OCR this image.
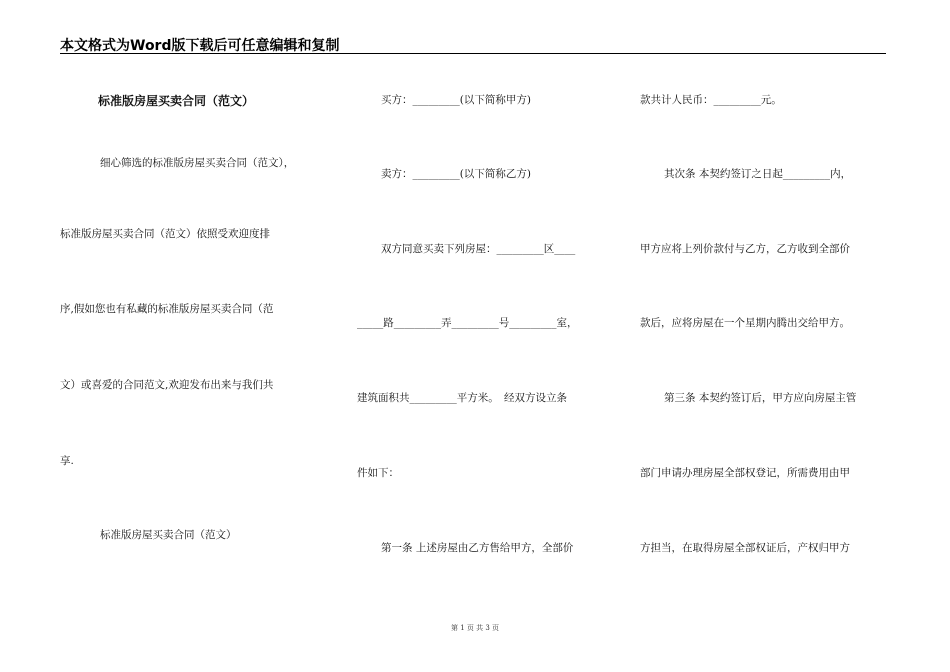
本文格式为Word版下载后可任意编辑和复制
标准版房屋买卖合同（范文）
细心筛选的标准版房屋买卖合同（范文），
标准版房屋买卖合同（范文）依照受欢迎度排
序,假如您也有私藏的标准版房屋买卖合同（范
文）或喜爱的合同范文,欢迎发布出来与我们共
享.
标准版房屋买卖合同（范文）
买方：_________(以下简称甲方)
卖方：_________(以下简称乙方)
双方同意买卖下列房屋：_________区____
_____路_________弄_________号_________室，
建筑面积共_________平方米。　经双方设立条
件如下：
第一条 上述房屋由乙方售给甲方，全部价
款共计人民币：_________元。
其次条 本契约签订之日起_________内，
甲方应将上列价款付与乙方，乙方收到全部价
款后，应将房屋在一个星期内腾出交给甲方。
第三条 本契约签订后，甲方应向房屋主管
部门申请办理房屋全部权登记，所需费用由甲
方担当，在取得房屋全部权证后，产权归甲方
第 1 页 共 3 页
